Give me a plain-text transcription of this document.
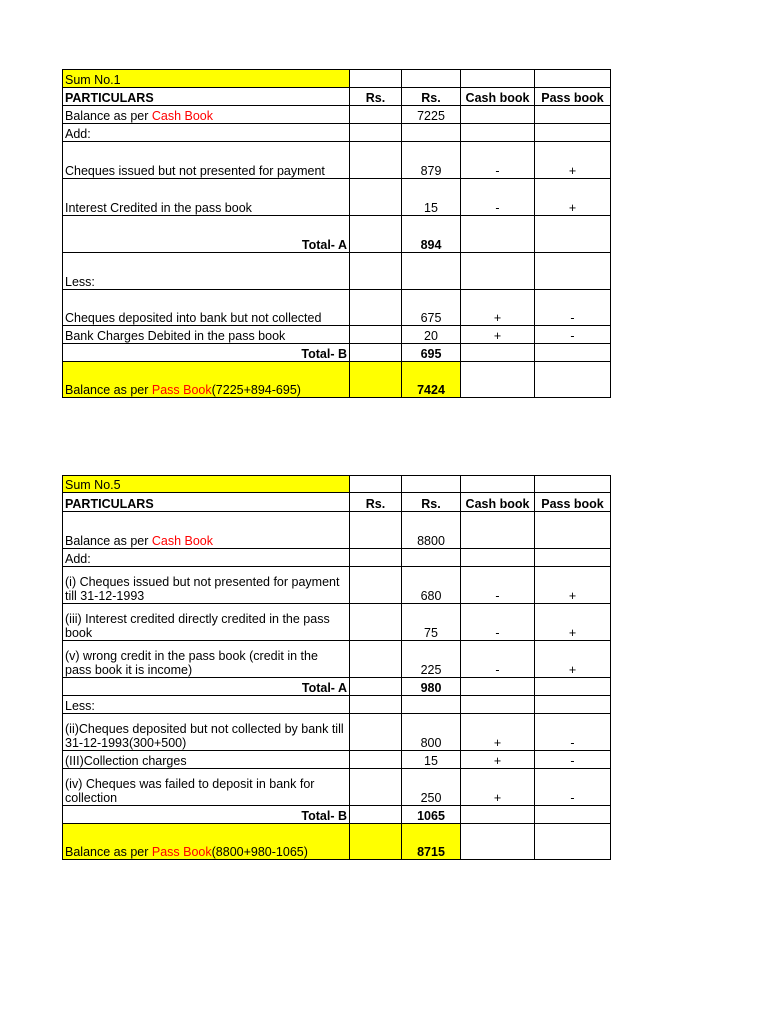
Sum No.1				
PARTICULARS	Rs.	Rs.	Cash book	Pass book
Balance as per Cash Book		7225		
Add:				
Cheques issued but not presented for payment		879	-	+
Interest Credited in the pass book		15	-	+
Total- A		894		
Less:				
Cheques deposited into bank but not collected		675	+	-
Bank Charges Debited in the pass book		20	+	-
Total- B		695		
Balance as per Pass Book(7225+894-695)		7424		
Sum No.5				
PARTICULARS	Rs.	Rs.	Cash book	Pass book
Balance as per Cash Book		8800		
Add:				
(i) Cheques issued but not presented for payment till 31-12-1993		680	-	+
(iii) Interest credited directly credited in the pass book		75	-	+
(v) wrong credit in the pass book (credit in the pass book it is income)		225	-	+
Total- A		980		
Less:				
(ii)Cheques deposited but not collected by bank till 31-12-1993(300+500)		800	+	-
(III)Collection charges		15	+	-
(iv) Cheques was failed to deposit in bank for collection		250	+	-
Total- B		1065		
Balance as per Pass Book(8800+980-1065)		8715		
